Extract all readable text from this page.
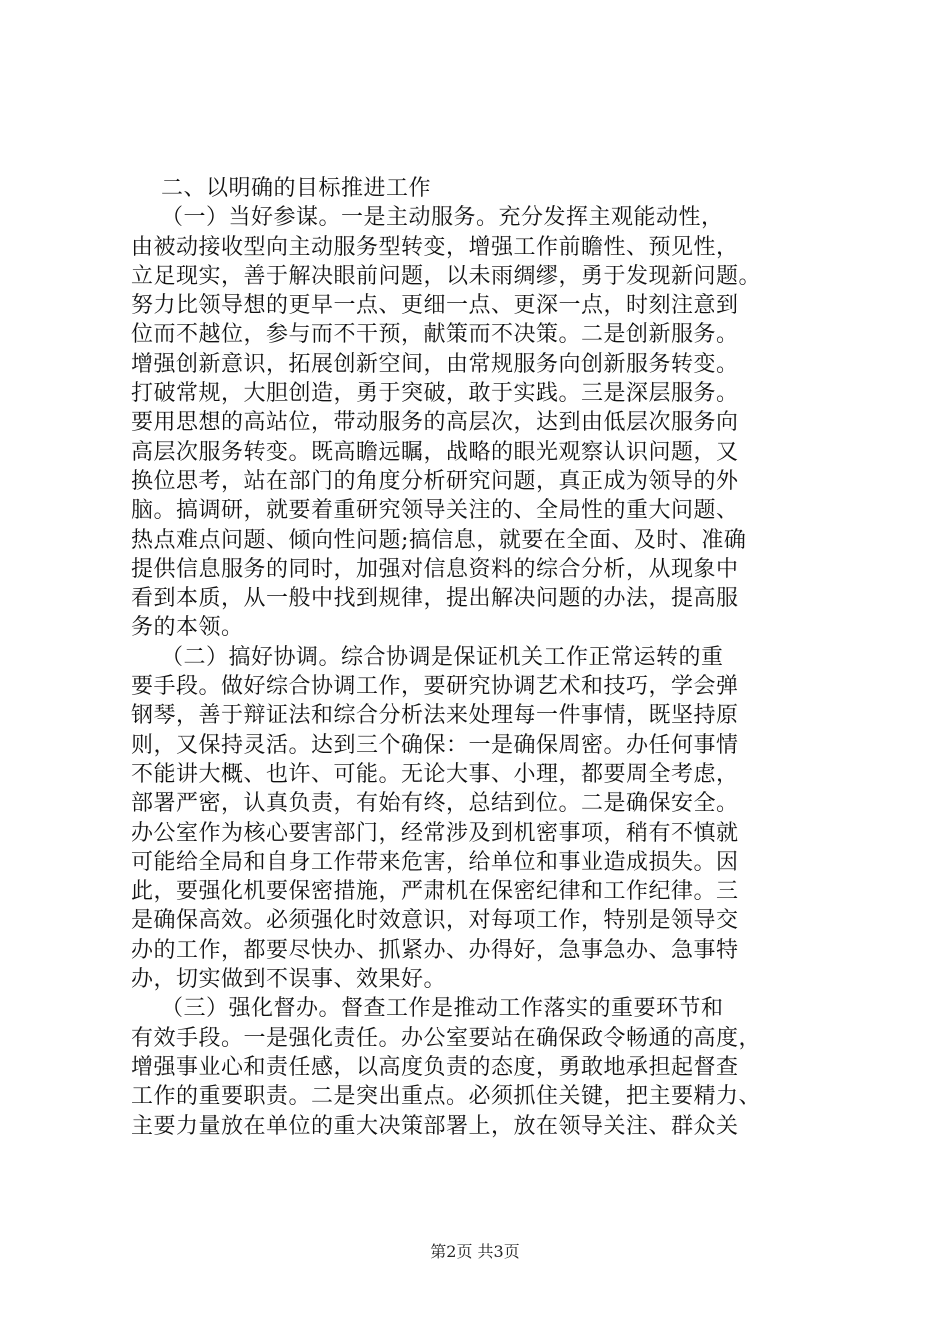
二、以明确的目标推进工作
（一）当好参谋。一是主动服务。充分发挥主观能动性，
由被动接收型向主动服务型转变，增强工作前瞻性、预见性，
立足现实，善于解决眼前问题，以未雨绸缪，勇于发现新问题。
努力比领导想的更早一点、更细一点、更深一点，时刻注意到
位而不越位，参与而不干预，献策而不决策。二是创新服务。
增强创新意识，拓展创新空间，由常规服务向创新服务转变。
打破常规，大胆创造，勇于突破，敢于实践。三是深层服务。
要用思想的高站位，带动服务的高层次，达到由低层次服务向
高层次服务转变。既高瞻远瞩，战略的眼光观察认识问题，又
换位思考，站在部门的角度分析研究问题，真正成为领导的外
脑。搞调研，就要着重研究领导关注的、全局性的重大问题、
热点难点问题、倾向性问题;搞信息，就要在全面、及时、准确
提供信息服务的同时，加强对信息资料的综合分析，从现象中
看到本质，从一般中找到规律，提出解决问题的办法，提高服
务的本领。
（二）搞好协调。综合协调是保证机关工作正常运转的重
要手段。做好综合协调工作，要研究协调艺术和技巧，学会弹
钢琴，善于辩证法和综合分析法来处理每一件事情，既坚持原
则，又保持灵活。达到三个确保：一是确保周密。办任何事情
不能讲大概、也许、可能。无论大事、小理，都要周全考虑，
部署严密，认真负责，有始有终，总结到位。二是确保安全。
办公室作为核心要害部门，经常涉及到机密事项，稍有不慎就
可能给全局和自身工作带来危害，给单位和事业造成损失。因
此，要强化机要保密措施，严肃机在保密纪律和工作纪律。三
是确保高效。必须强化时效意识，对每项工作，特别是领导交
办的工作，都要尽快办、抓紧办、办得好，急事急办、急事特
办，切实做到不误事、效果好。
（三）强化督办。督查工作是推动工作落实的重要环节和
有效手段。一是强化责任。办公室要站在确保政令畅通的高度，
增强事业心和责任感，以高度负责的态度，勇敢地承担起督查
工作的重要职责。二是突出重点。必须抓住关键，把主要精力、
主要力量放在单位的重大决策部署上，放在领导关注、群众关
第2页 共3页
